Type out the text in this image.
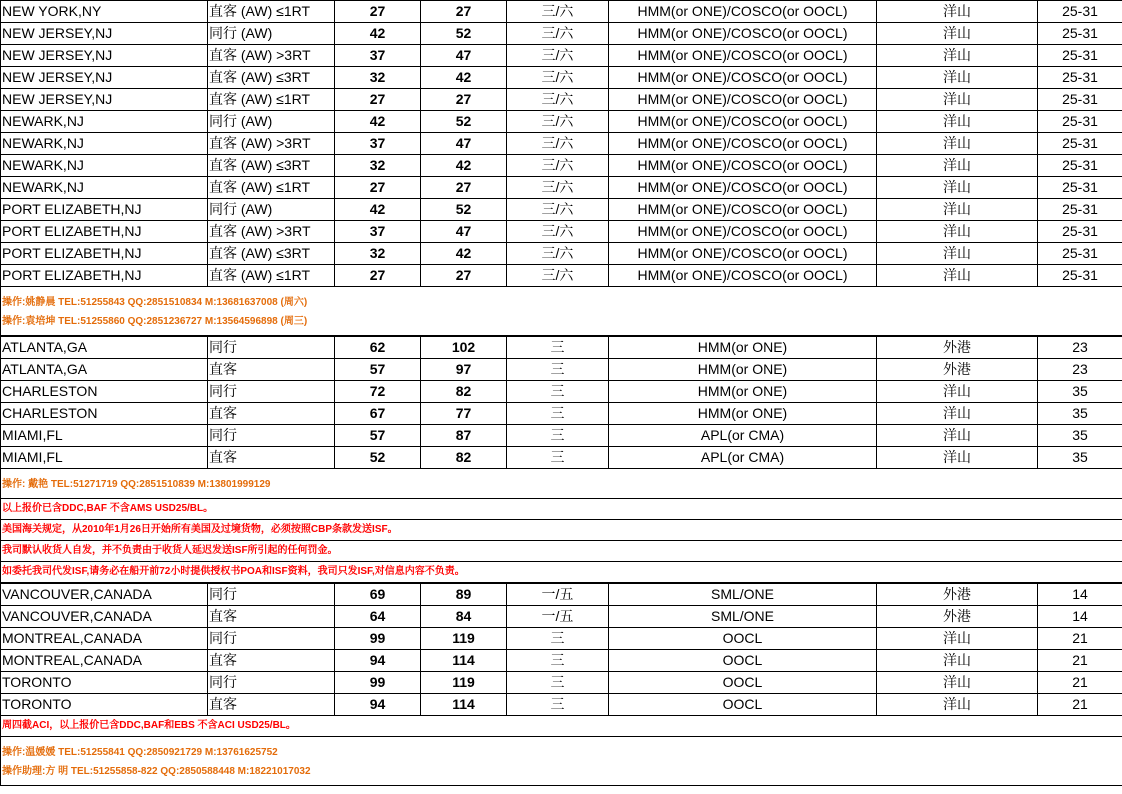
NEW YORK,NY	直客 (AW) ≤1RT	27	27	三/六	HMM(or ONE)/COSCO(or OOCL)	洋山	25-31
NEW JERSEY,NJ	同行 (AW)	42	52	三/六	HMM(or ONE)/COSCO(or OOCL)	洋山	25-31
NEW JERSEY,NJ	直客 (AW) >3RT	37	47	三/六	HMM(or ONE)/COSCO(or OOCL)	洋山	25-31
NEW JERSEY,NJ	直客 (AW) ≤3RT	32	42	三/六	HMM(or ONE)/COSCO(or OOCL)	洋山	25-31
NEW JERSEY,NJ	直客 (AW) ≤1RT	27	27	三/六	HMM(or ONE)/COSCO(or OOCL)	洋山	25-31
NEWARK,NJ	同行 (AW)	42	52	三/六	HMM(or ONE)/COSCO(or OOCL)	洋山	25-31
NEWARK,NJ	直客 (AW) >3RT	37	47	三/六	HMM(or ONE)/COSCO(or OOCL)	洋山	25-31
NEWARK,NJ	直客 (AW) ≤3RT	32	42	三/六	HMM(or ONE)/COSCO(or OOCL)	洋山	25-31
NEWARK,NJ	直客 (AW) ≤1RT	27	27	三/六	HMM(or ONE)/COSCO(or OOCL)	洋山	25-31
PORT ELIZABETH,NJ	同行 (AW)	42	52	三/六	HMM(or ONE)/COSCO(or OOCL)	洋山	25-31
PORT ELIZABETH,NJ	直客 (AW) >3RT	37	47	三/六	HMM(or ONE)/COSCO(or OOCL)	洋山	25-31
PORT ELIZABETH,NJ	直客 (AW) ≤3RT	32	42	三/六	HMM(or ONE)/COSCO(or OOCL)	洋山	25-31
PORT ELIZABETH,NJ	直客 (AW) ≤1RT	27	27	三/六	HMM(or ONE)/COSCO(or OOCL)	洋山	25-31
操作:姚静晨 TEL:51255843 QQ:2851510834 M:13681637008 (周六)							
操作:袁培坤 TEL:51255860 QQ:2851236727 M:13564596898 (周三)							
ATLANTA,GA	同行	62	102	三	HMM(or ONE)	外港	23
ATLANTA,GA	直客	57	97	三	HMM(or ONE)	外港	23
CHARLESTON	同行	72	82	三	HMM(or ONE)	洋山	35
CHARLESTON	直客	67	77	三	HMM(or ONE)	洋山	35
MIAMI,FL	同行	57	87	三	APL(or CMA)	洋山	35
MIAMI,FL	直客	52	82	三	APL(or CMA)	洋山	35
操作: 戴艳 TEL:51271719 QQ:2851510839 M:13801999129							
以上报价已含DDC,BAF 不含AMS USD25/BL。							
美国海关规定，从2010年1月26日开始所有美国及过境货物，必须按照CBP条款发送ISF。							
我司默认收货人自发，并不负责由于收货人延迟发送ISF所引起的任何罚金。							
如委托我司代发ISF,请务必在船开前72小时提供授权书POA和ISF资料，我司只发ISF,对信息内容不负责。							
VANCOUVER,CANADA	同行	69	89	一/五	SML/ONE	外港	14
VANCOUVER,CANADA	直客	64	84	一/五	SML/ONE	外港	14
MONTREAL,CANADA	同行	99	119	三	OOCL	洋山	21
MONTREAL,CANADA	直客	94	114	三	OOCL	洋山	21
TORONTO	同行	99	119	三	OOCL	洋山	21
TORONTO	直客	94	114	三	OOCL	洋山	21
周四截ACI，以上报价已含DDC,BAF和EBS 不含ACI USD25/BL。							
操作:温媛媛 TEL:51255841 QQ:2850921729 M:13761625752							
操作助理:方 明 TEL:51255858-822 QQ:2850588448 M:18221017032							
